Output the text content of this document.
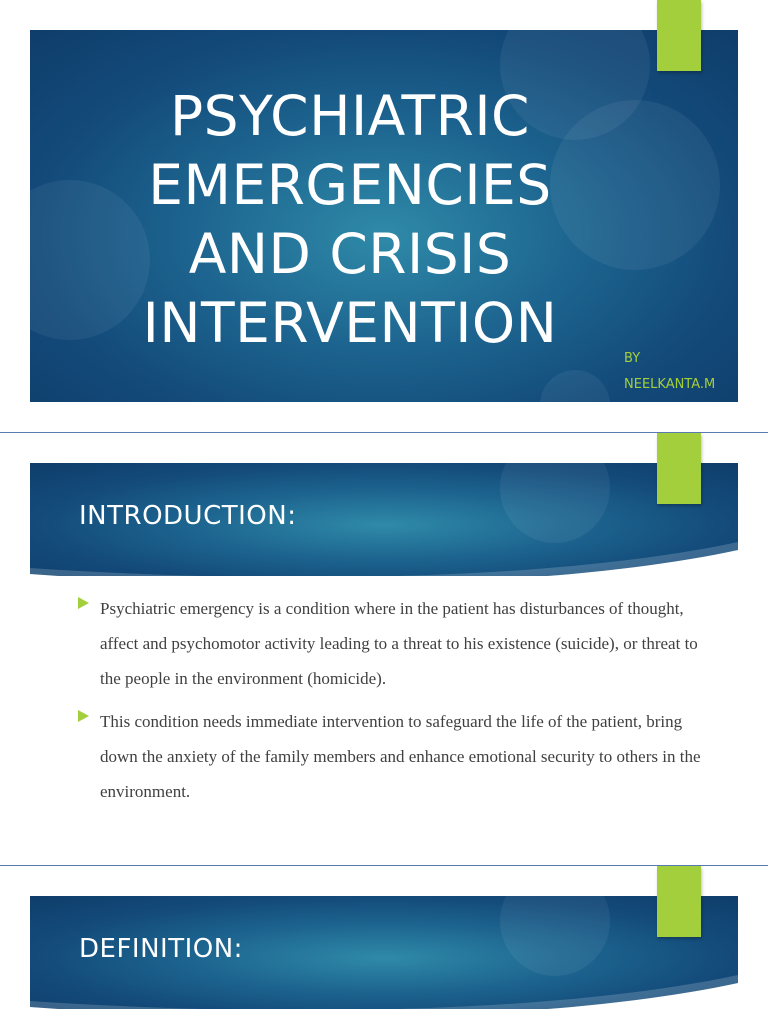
PSYCHIATRIC EMERGENCIES AND CRISIS INTERVENTION
BY
NEELKANTA.M
INTRODUCTION:
Psychiatric emergency is a condition where in the patient has disturbances of thought, affect and psychomotor activity leading to a threat to his existence (suicide), or threat to the people in the environment (homicide).
This condition needs immediate intervention to safeguard the life of the patient, bring down the anxiety of the family members and enhance emotional security to others in the environment.
DEFINITION:
